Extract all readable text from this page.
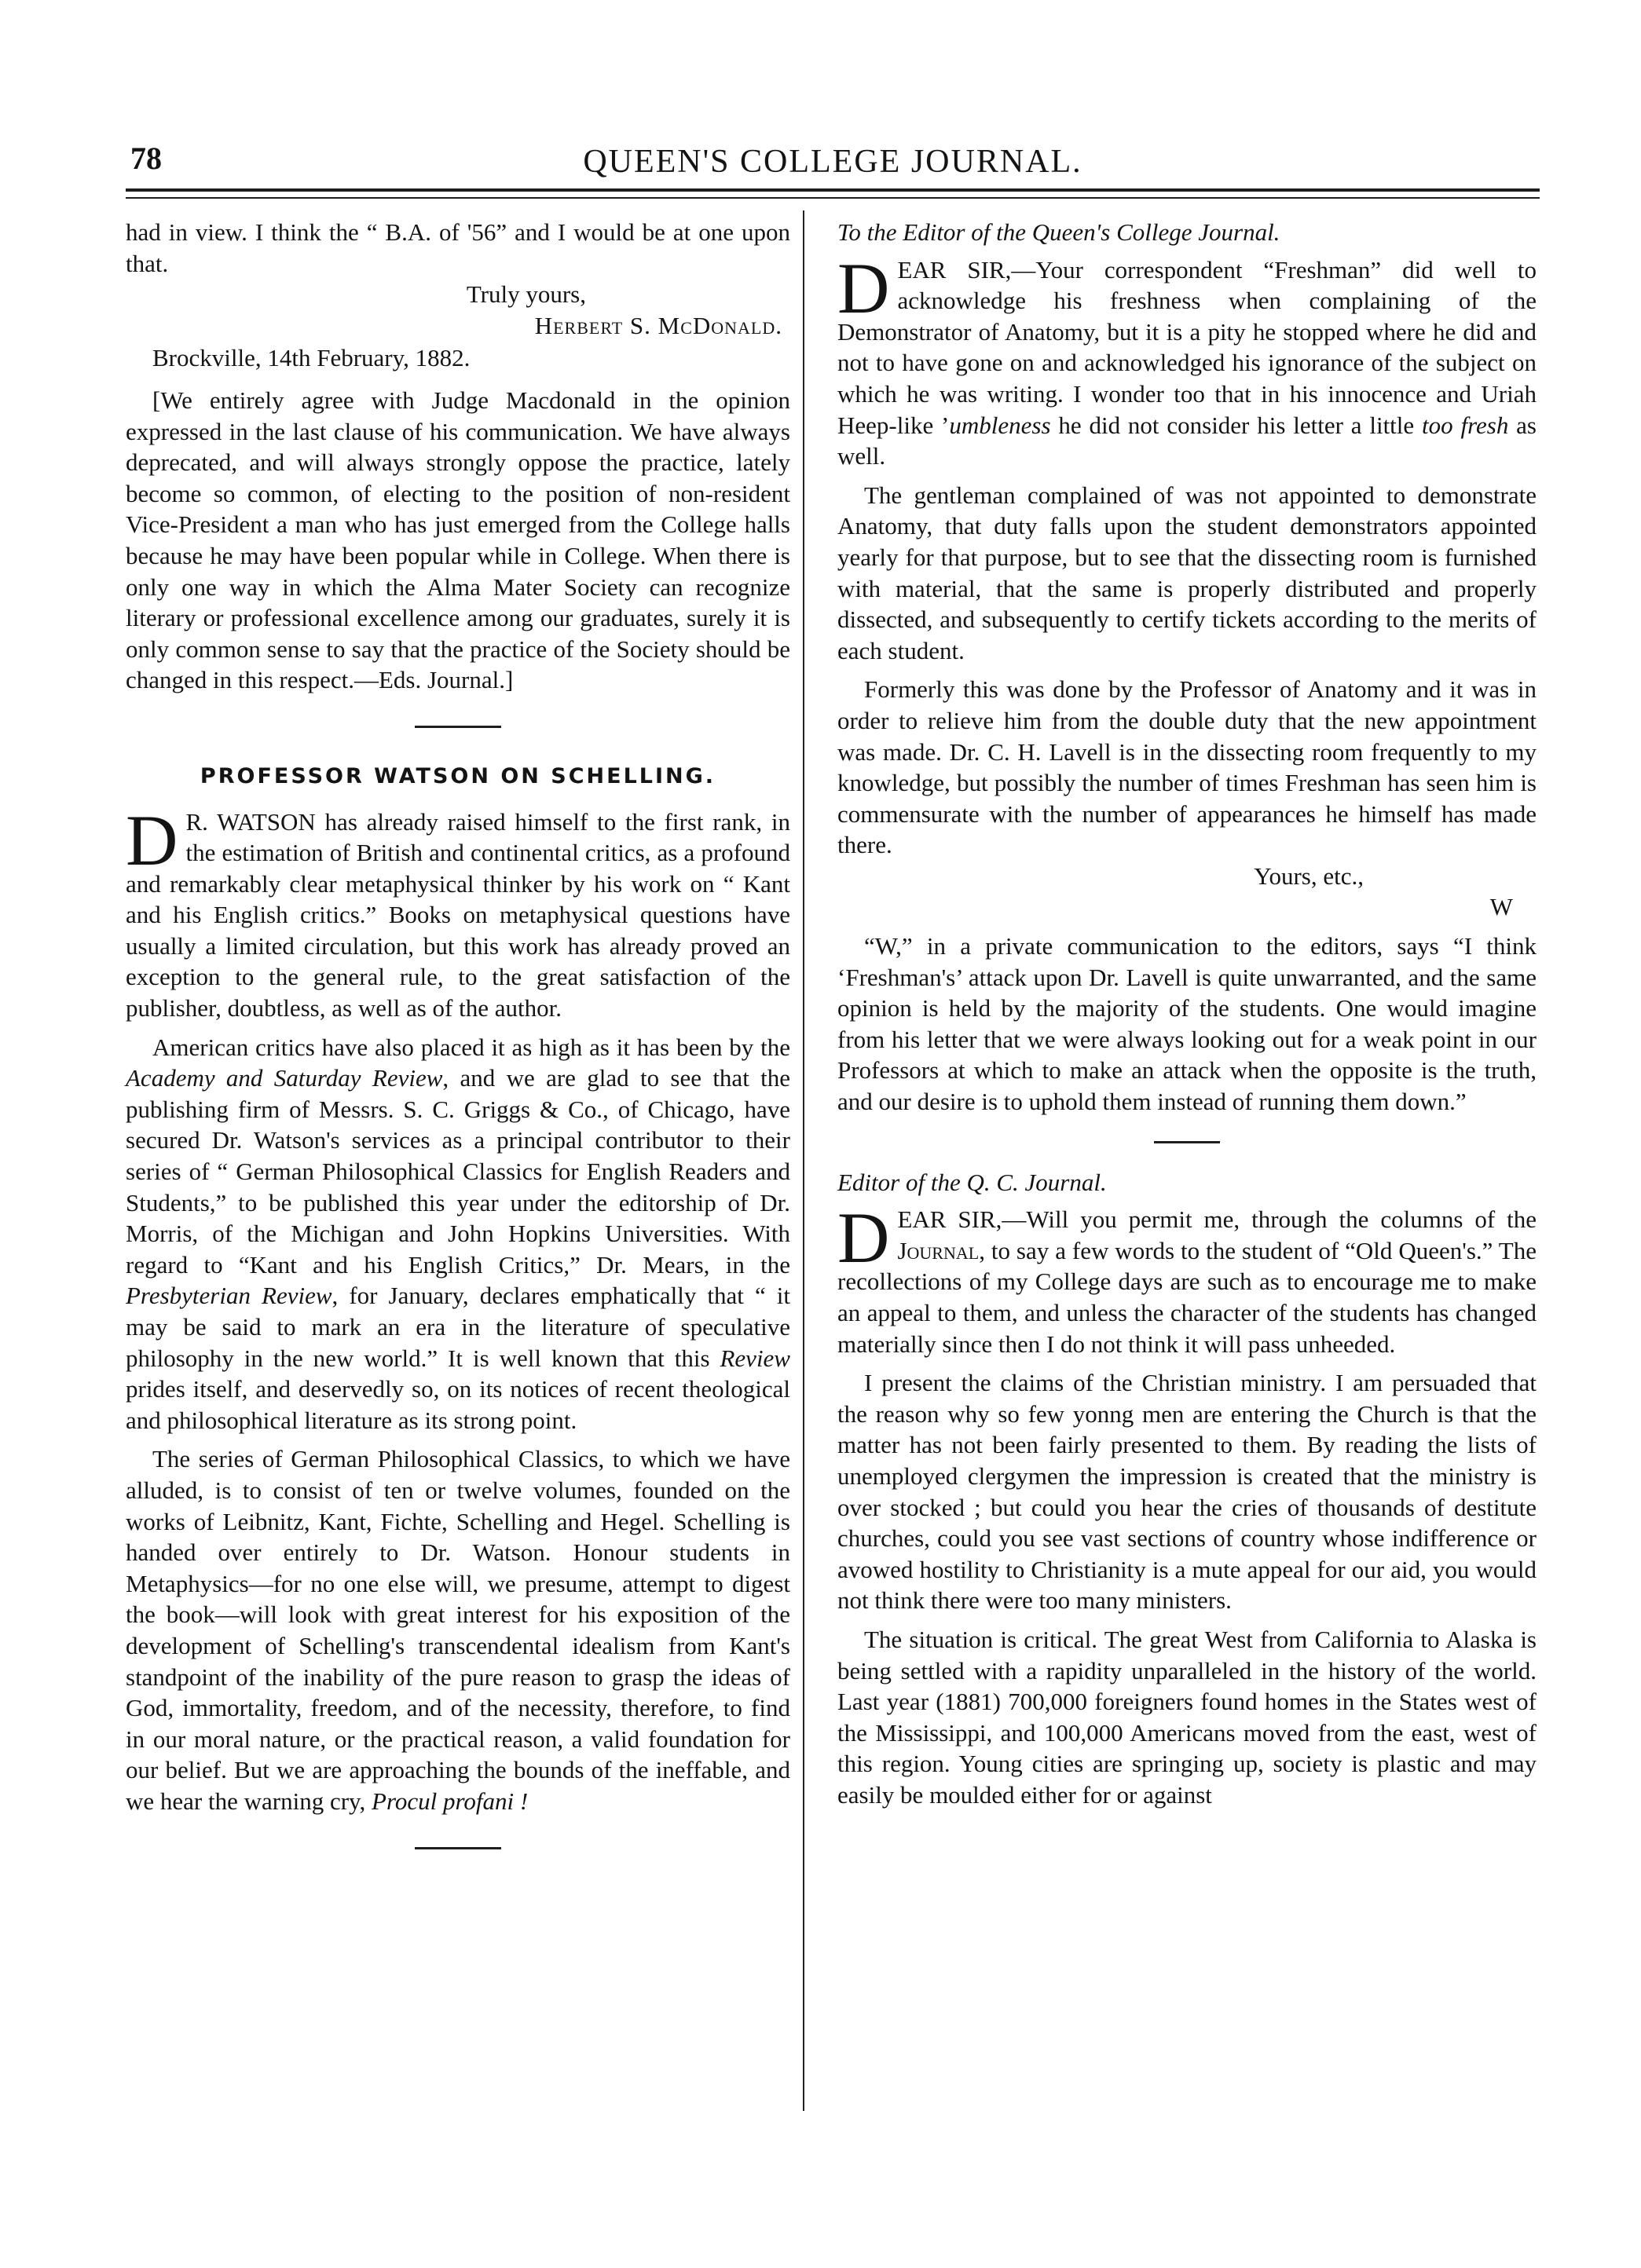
78	QUEEN'S COLLEGE JOURNAL.

had in view. I think the “ B.A. of '56” and I would be at one upon that.

Truly yours,

Herbert S. McDonald.

Brockville, 14th February, 1882.

[We entirely agree with Judge Macdonald in the opinion expressed in the last clause of his communication. We have always deprecated, and will always strongly oppose the practice, lately become so common, of electing to the position of non-resident Vice-President a man who has just emerged from the College halls because he may have been popular while in College. When there is only one way in which the Alma Mater Society can recognize literary or professional excellence among our graduates, surely it is only common sense to say that the practice of the Society should be changed in this respect.—Eds. Journal.]

PROFESSOR WATSON ON SCHELLING.

D R. WATSON has already raised himself to the first rank, in the estimation of British and continental critics, as a profound and remarkably clear metaphysical thinker by his work on “ Kant and his English critics.” Books on metaphysical questions have usually a limited circulation, but this work has already proved an exception to the general rule, to the great satisfaction of the publisher, doubtless, as well as of the author.

American critics have also placed it as high as it has been by the Academy and Saturday Review, and we are glad to see that the publishing firm of Messrs. S. C. Griggs & Co., of Chicago, have secured Dr. Watson's services as a principal contributor to their series of “ German Philosophical Classics for English Readers and Students,” to be published this year under the editorship of Dr. Morris, of the Michigan and John Hopkins Universities. With regard to “Kant and his English Critics,” Dr. Mears, in the Presbyterian Review, for January, declares emphatically that “ it may be said to mark an era in the literature of speculative philosophy in the new world.” It is well known that this Review prides itself, and deservedly so, on its notices of recent theological and philosophical literature as its strong point.

The series of German Philosophical Classics, to which we have alluded, is to consist of ten or twelve volumes, founded on the works of Leibnitz, Kant, Fichte, Schelling and Hegel. Schelling is handed over entirely to Dr. Watson. Honour students in Metaphysics—for no one else will, we presume, attempt to digest the book—will look with great interest for his exposition of the development of Schelling's transcendental idealism from Kant's standpoint of the inability of the pure reason to grasp the ideas of God, immortality, freedom, and of the necessity, therefore, to find in our moral nature, or the practical reason, a valid foundation for our belief. But we are approaching the bounds of the ineffable, and we hear the warning cry, Procul profani !

To the Editor of the Queen's College Journal.

DEAR SIR,—Your correspondent “Freshman” did well to acknowledge his freshness when complaining of the Demonstrator of Anatomy, but it is a pity he stopped where he did and not to have gone on and acknowledged his ignorance of the subject on which he was writing. I wonder too that in his innocence and Uriah Heep-like ’umbleness he did not consider his letter a little too fresh as well.

The gentleman complained of was not appointed to demonstrate Anatomy, that duty falls upon the student demonstrators appointed yearly for that purpose, but to see that the dissecting room is furnished with material, that the same is properly distributed and properly dissected, and subsequently to certify tickets according to the merits of each student.

Formerly this was done by the Professor of Anatomy and it was in order to relieve him from the double duty that the new appointment was made. Dr. C. H. Lavell is in the dissecting room frequently to my knowledge, but possibly the number of times Freshman has seen him is commensurate with the number of appearances he himself has made there.

Yours, etc.,

W

“W,” in a private communication to the editors, says “I think ‘Freshman's’ attack upon Dr. Lavell is quite unwarranted, and the same opinion is held by the majority of the students. One would imagine from his letter that we were always looking out for a weak point in our Professors at which to make an attack when the opposite is the truth, and our desire is to uphold them instead of running them down.”

Editor of the Q. C. Journal.

DEAR SIR,—Will you permit me, through the columns of the Journal, to say a few words to the student of “Old Queen's.” The recollections of my College days are such as to encourage me to make an appeal to them, and unless the character of the students has changed materially since then I do not think it will pass unheeded.

I present the claims of the Christian ministry. I am persuaded that the reason why so few yonng men are entering the Church is that the matter has not been fairly presented to them. By reading the lists of unemployed clergymen the impression is created that the ministry is over stocked ; but could you hear the cries of thousands of destitute churches, could you see vast sections of country whose indifference or avowed hostility to Christianity is a mute appeal for our aid, you would not think there were too many ministers.

The situation is critical. The great West from California to Alaska is being settled with a rapidity unparalleled in the history of the world. Last year (1881) 700,000 foreigners found homes in the States west of the Mississippi, and 100,000 Americans moved from the east, west of this region. Young cities are springing up, society is plastic and may easily be moulded either for or against
